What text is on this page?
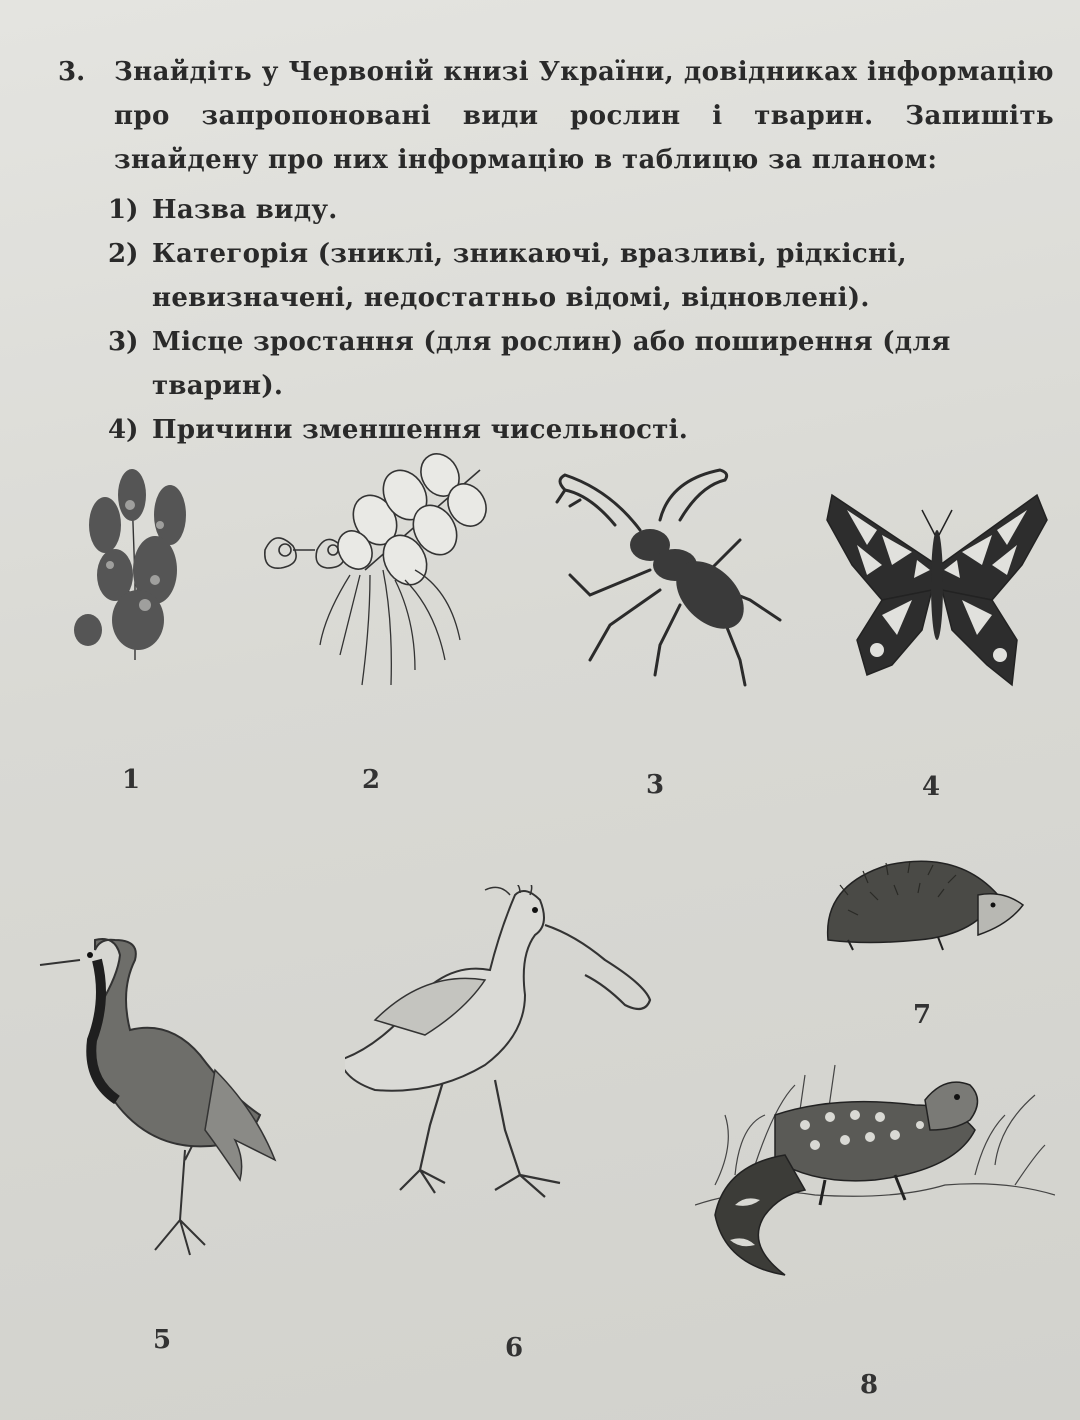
3. Знайдіть у Червоній книзі України, довідниках інформацію про запропоновані види рослин і тварин. Запишіть знайдену про них інформацію в таблицю за планом:
1) Назва виду.
2) Категорія (зниклі, зникаючі, вразливі, рідкісні, невизначені, недостатньо відомі, відновлені).
3) Місце зростання (для рослин) або поширення (для тварин).
4) Причини зменшення чисельності.
1	2	3	4
5	6
7
8
